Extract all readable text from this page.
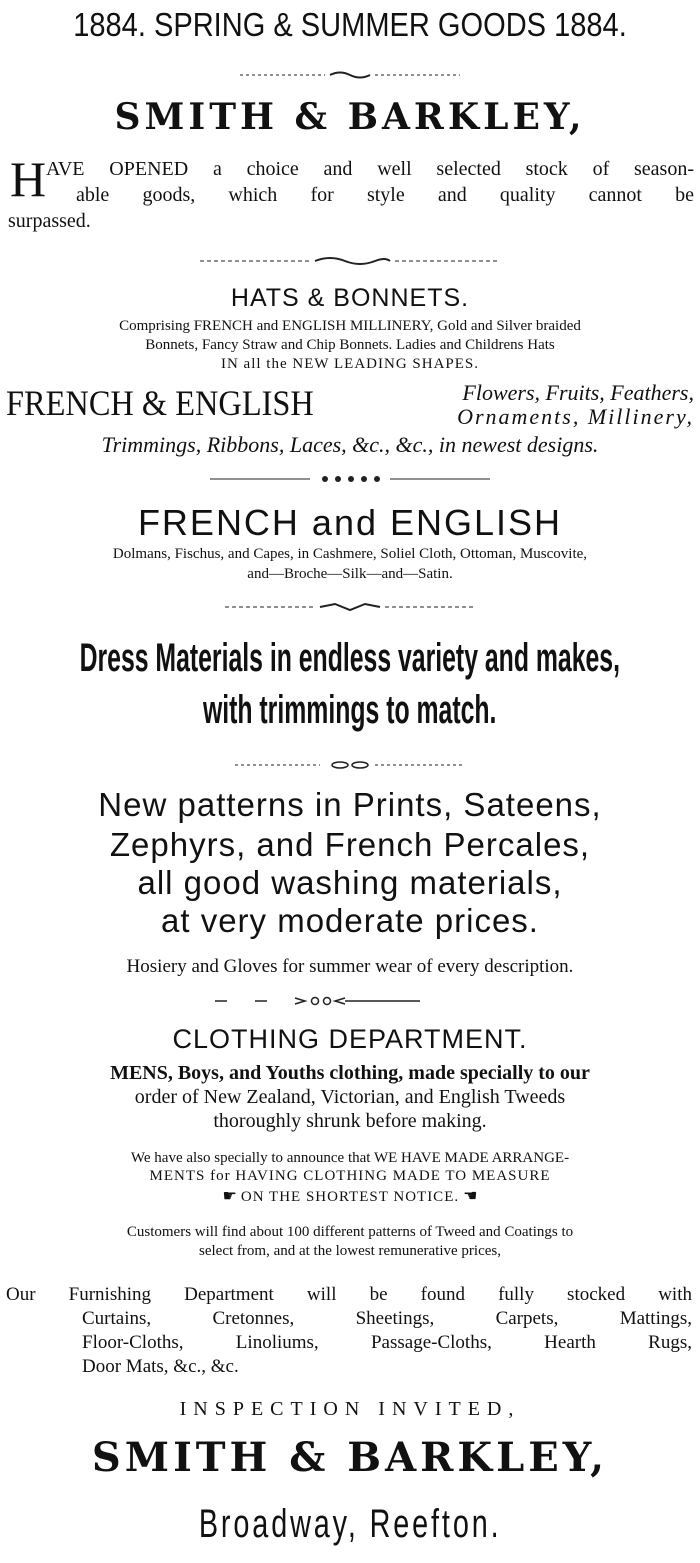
1884. SPRING & SUMMER GOODS 1884.
SMITH & BARKLEY,
H AVE OPENED a choice and well selected stock of season-
able goods, which for style and quality cannot be
surpassed.
HATS & BONNETS.
Comprising FRENCH and ENGLISH MILLINERY, Gold and Silver braided
Bonnets, Fancy Straw and Chip Bonnets. Ladies and Childrens Hats
IN all the NEW LEADING SHAPES.
FRENCH & ENGLISH	Flowers, Fruits, Feathers,
Ornaments, Millinery,
Trimmings, Ribbons, Laces, &c., &c., in newest designs.
FRENCH and ENGLISH
Dolmans, Fischus, and Capes, in Cashmere, Soliel Cloth, Ottoman, Muscovite,
and—Broche—Silk—and—Satin.
Dress Materials in endless variety and makes,
with trimmings to match.
New patterns in Prints, Sateens,
Zephyrs, and French Percales,
all good washing materials,
at very moderate prices.
Hosiery and Gloves for summer wear of every description.
CLOTHING DEPARTMENT.
MENS, Boys, and Youths clothing, made specially to our
order of New Zealand, Victorian, and English Tweeds
thoroughly shrunk before making.
We have also specially to announce that WE HAVE MADE ARRANGE-
MENTS for HAVING CLOTHING MADE TO MEASURE
☛ ON THE SHORTEST NOTICE. ☚
Customers will find about 100 different patterns of Tweed and Coatings to
select from, and at the lowest remunerative prices,
Our Furnishing Department will be found fully stocked with
Curtains, Cretonnes, Sheetings, Carpets, Mattings,
Floor-Cloths, Linoliums, Passage-Cloths, Hearth Rugs,
Door Mats, &c., &c.
INSPECTION INVITED,
SMITH & BARKLEY,
Broadway, Reefton.
